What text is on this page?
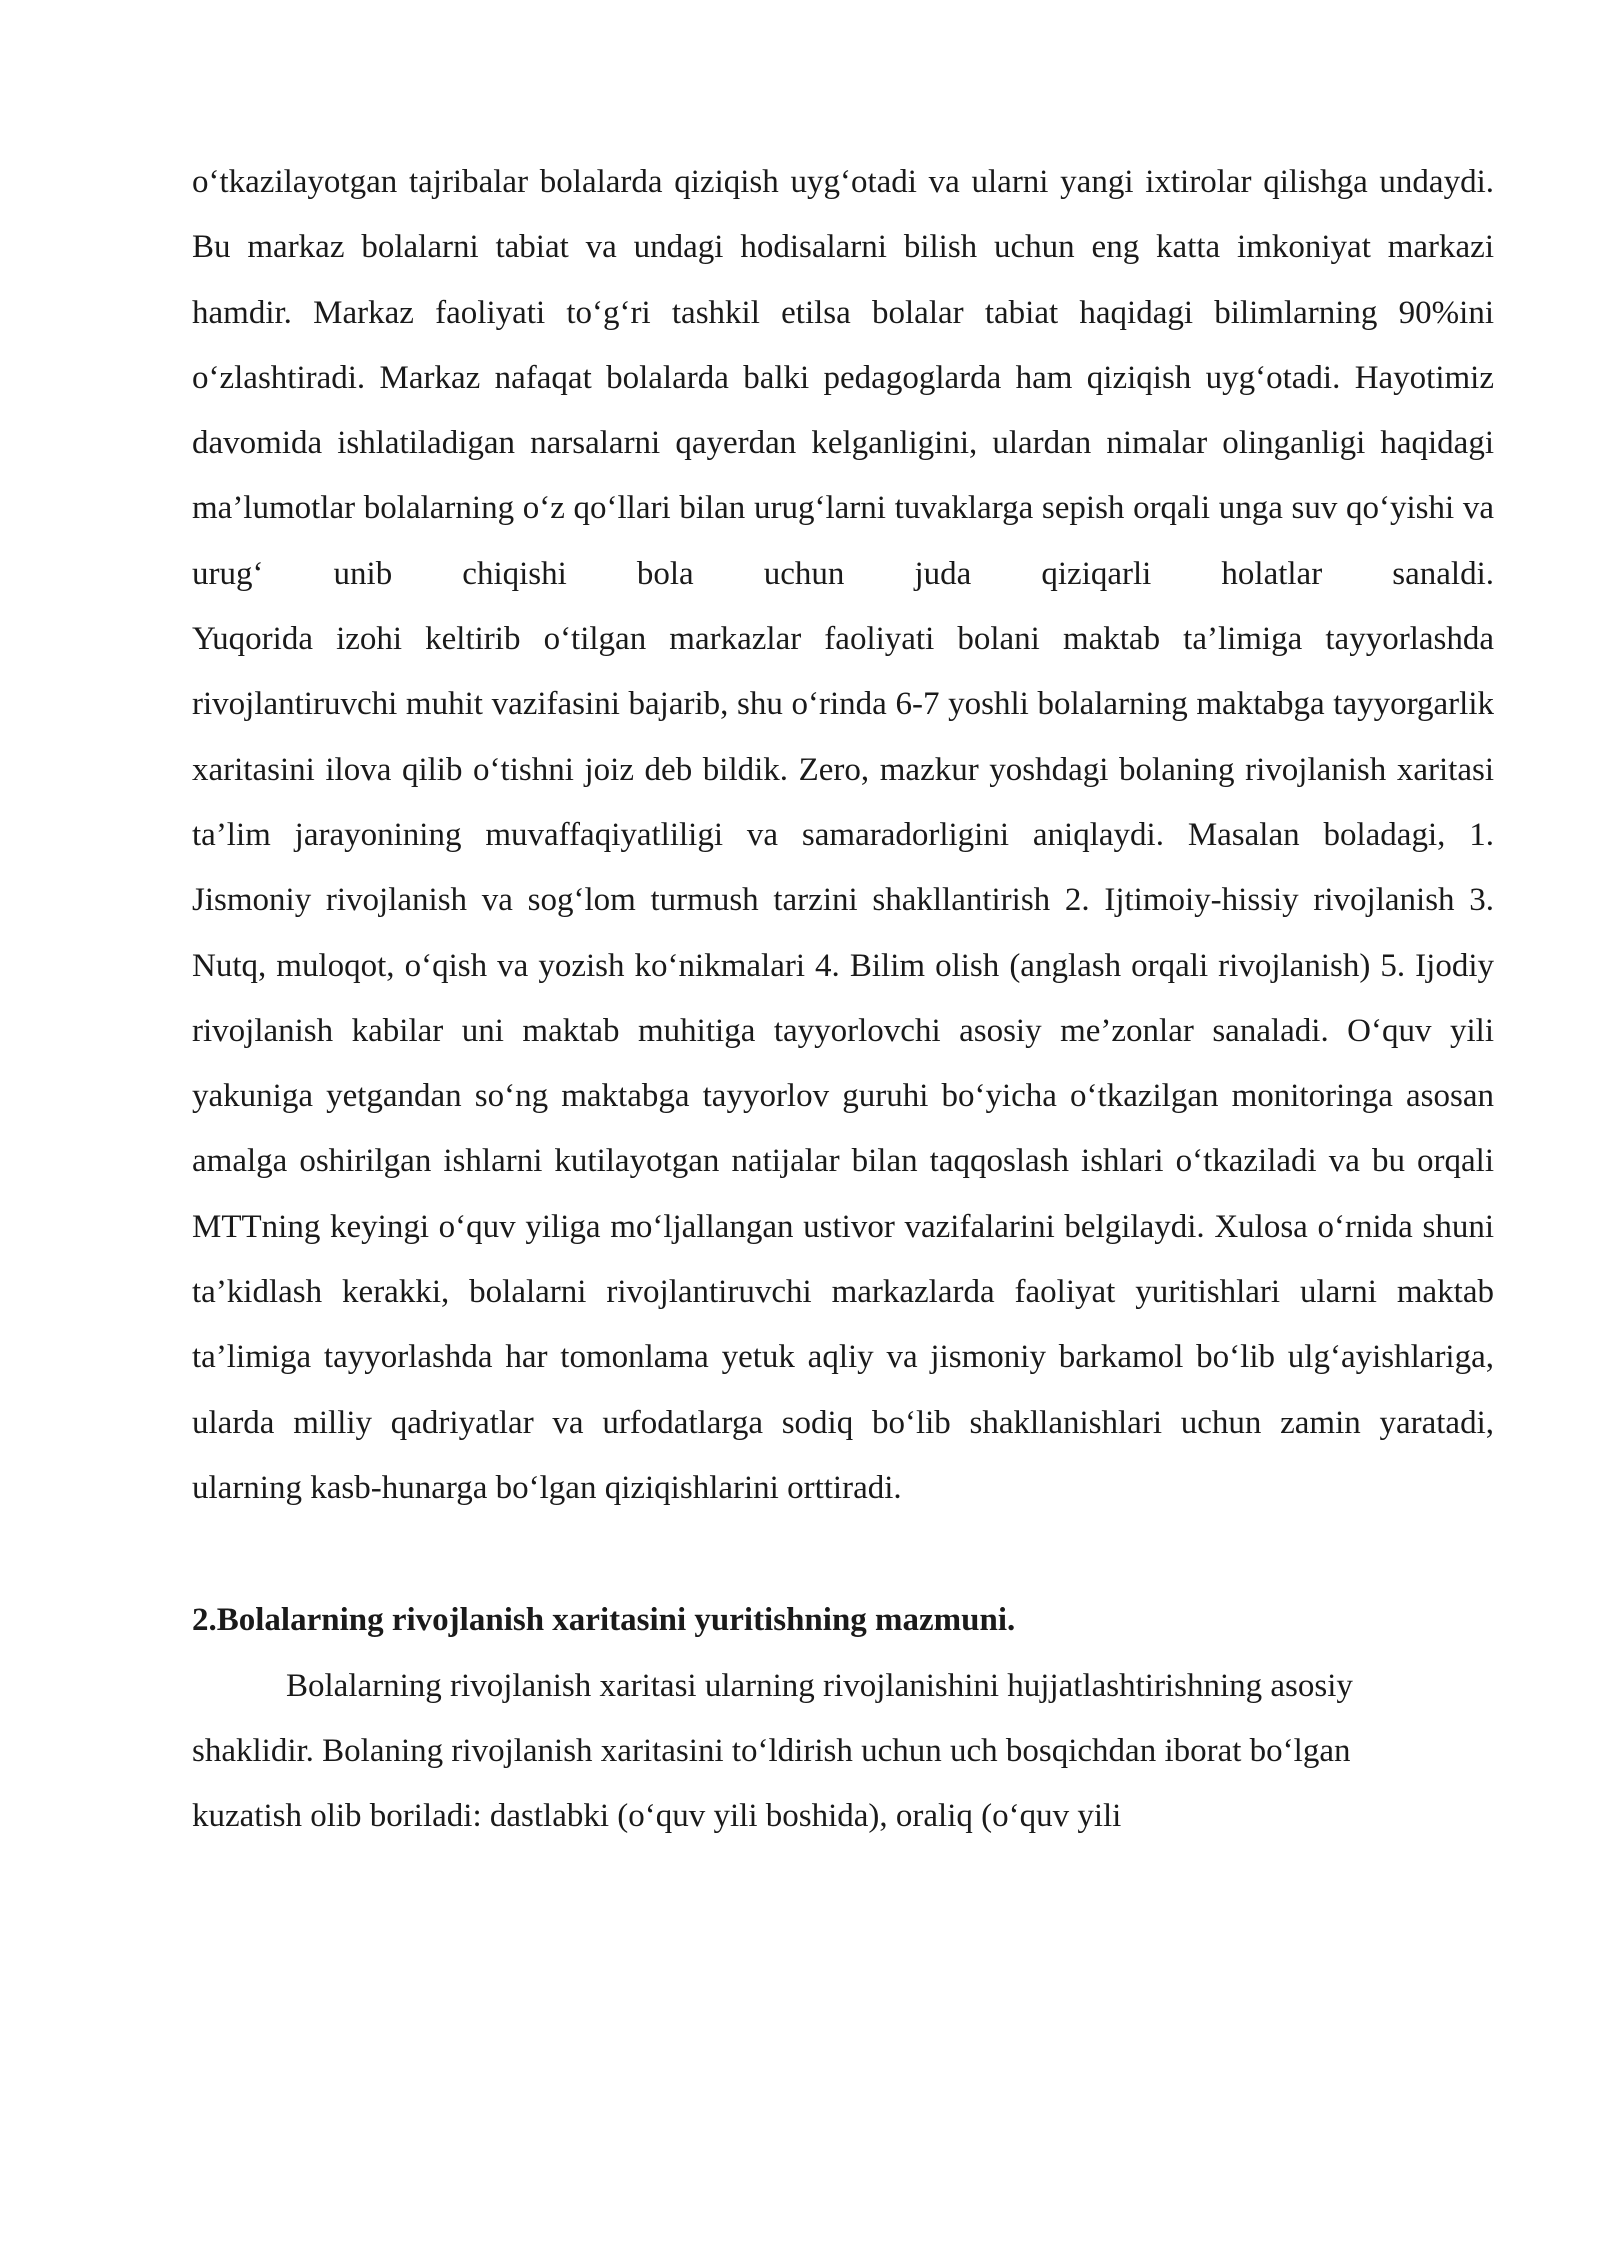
o‘tkazilayotgan tajribalar bolalarda qiziqish uyg‘otadi va ularni yangi ixtirolar qilishga undaydi.

Bu markaz bolalarni tabiat va undagi hodisalarni bilish uchun eng katta imkoniyat markazi hamdir. Markaz faoliyati to‘g‘ri tashkil etilsa bolalar tabiat haqidagi bilimlarning 90%ini o‘zlashtiradi. Markaz nafaqat bolalarda balki pedagoglarda ham qiziqish uyg‘otadi. Hayotimiz davomida ishlatiladigan narsalarni qayerdan kelganligini, ulardan nimalar olinganligi haqidagi ma’lumotlar bolalarning o‘z qo‘llari bilan urug‘larni tuvaklarga sepish orqali unga suv qo‘yishi va urug‘ unib chiqishi bola uchun juda qiziqarli holatlar sanaldi.

Yuqorida izohi keltirib o‘tilgan markazlar faoliyati bolani maktab ta’limiga tayyorlashda rivojlantiruvchi muhit vazifasini bajarib, shu o‘rinda 6-7 yoshli bolalarning maktabga tayyorgarlik xaritasini ilova qilib o‘tishni joiz deb bildik. Zero, mazkur yoshdagi bolaning rivojlanish xaritasi ta’lim jarayonining muvaffaqiyatliligi va samaradorligini aniqlaydi. Masalan boladagi, 1. Jismoniy rivojlanish va sog‘lom turmush tarzini shakllantirish 2. Ijtimoiy-hissiy rivojlanish 3. Nutq, muloqot, o‘qish va yozish ko‘nikmalari 4. Bilim olish (anglash orqali rivojlanish) 5. Ijodiy rivojlanish kabilar uni maktab muhitiga tayyorlovchi asosiy me’zonlar sanaladi. O‘quv yili yakuniga yetgandan so‘ng maktabga tayyorlov guruhi bo‘yicha o‘tkazilgan monitoringa asosan amalga oshirilgan ishlarni kutilayotgan natijalar bilan taqqoslash ishlari o‘tkaziladi va bu orqali MTTning keyingi o‘quv yiliga mo‘ljallangan ustivor vazifalarini belgilaydi. Xulosa o‘rnida shuni ta’kidlash kerakki, bolalarni rivojlantiruvchi markazlarda faoliyat yuritishlari ularni maktab ta’limiga tayyorlashda har tomonlama yetuk aqliy va jismoniy barkamol bo‘lib ulg‘ayishlariga, ularda milliy qadriyatlar va urfodatlarga sodiq bo‘lib shakllanishlari uchun zamin yaratadi, ularning kasb-hunarga bo‘lgan qiziqishlarini orttiradi.

2.Bolalarning rivojlanish xaritasini yuritishning mazmuni.

Bolalarning rivojlanish xaritasi ularning rivojlanishini hujjatlashtirishning asosiy shaklidir. Bolaning rivojlanish xaritasini to‘ldirish uchun uch bosqichdan iborat bo‘lgan kuzatish olib boriladi: dastlabki (o‘quv yili boshida), oraliq (o‘quv yili
